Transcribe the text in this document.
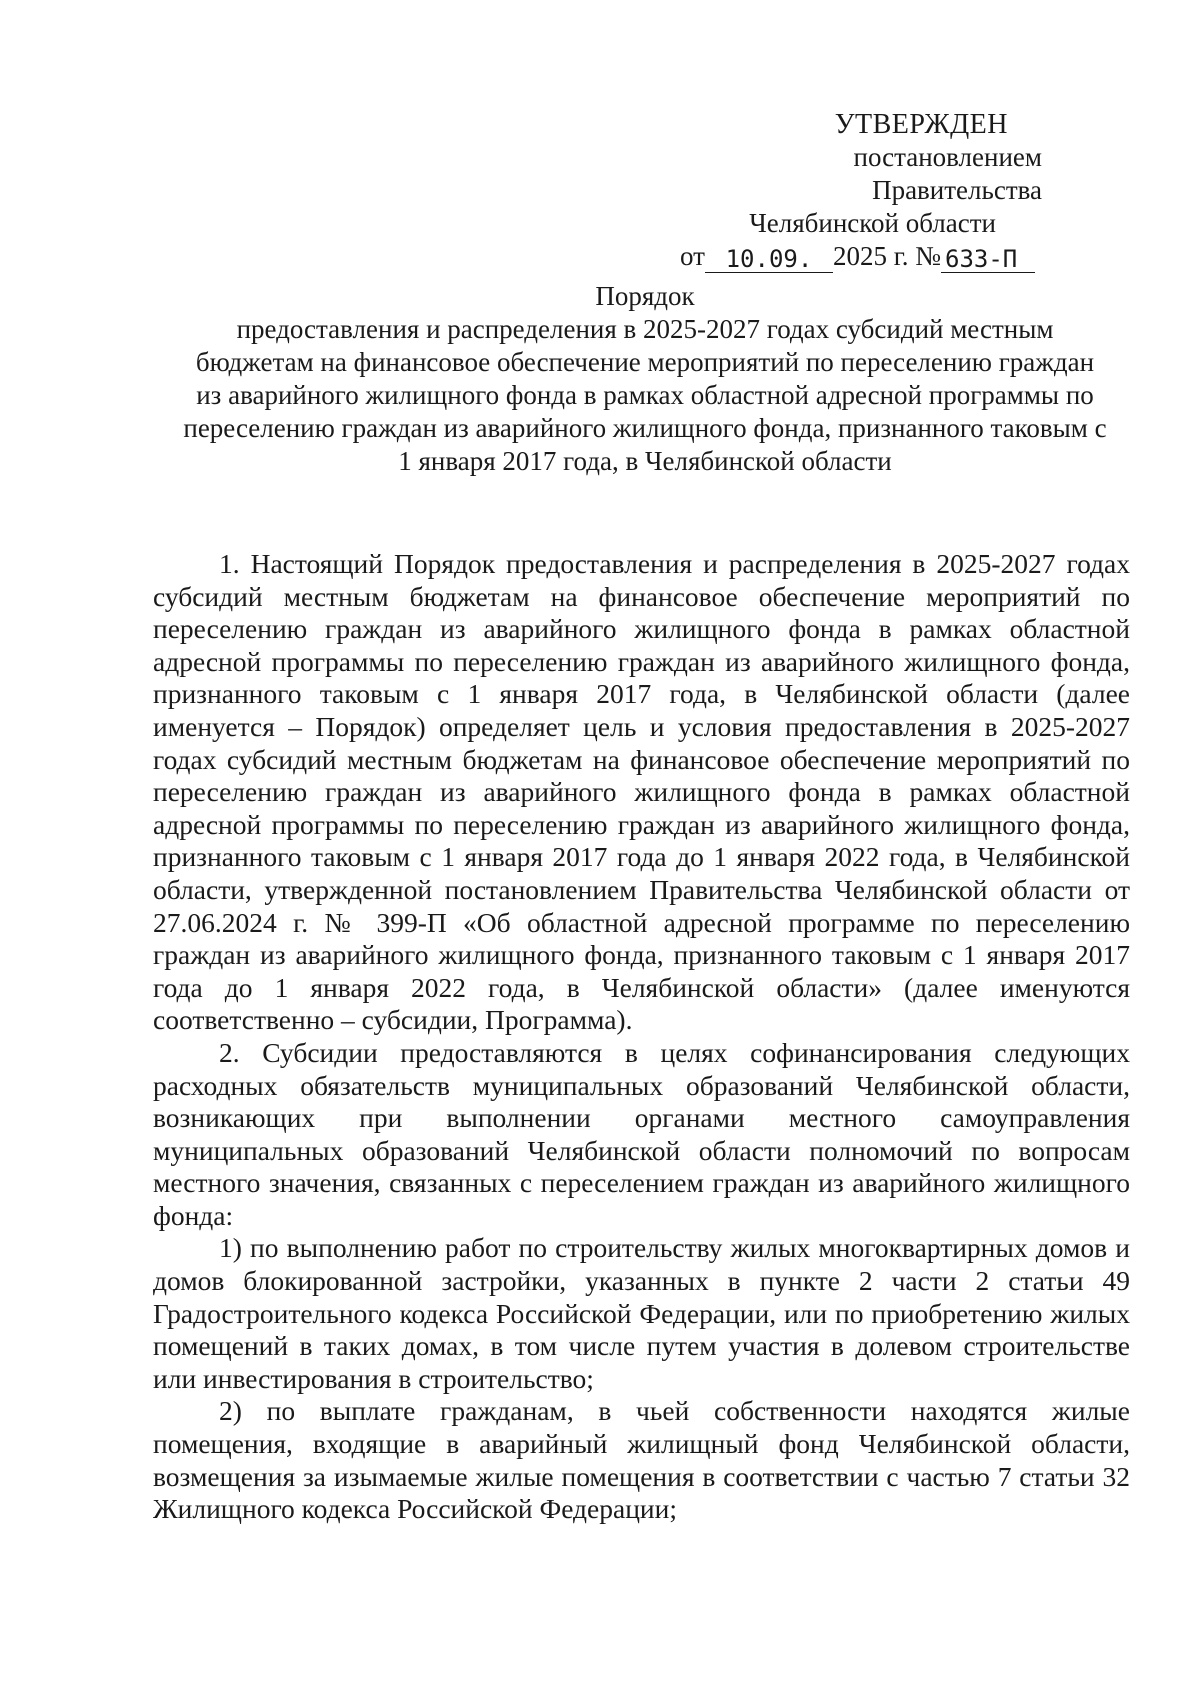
УТВЕРЖДЕН
постановлением Правительства
Челябинской области
от 10.09. 2025 г. № 633-П
Порядок
предоставления и распределения в 2025-2027 годах субсидий местным
бюджетам на финансовое обеспечение мероприятий по переселению граждан
из аварийного жилищного фонда в рамках областной адресной программы по
переселению граждан из аварийного жилищного фонда, признанного таковым с
1 января 2017 года, в Челябинской области

1. Настоящий Порядок предоставления и распределения в 2025-2027 годах субсидий местным бюджетам на финансовое обеспечение мероприятий по переселению граждан из аварийного жилищного фонда в рамках областной адресной программы по переселению граждан из аварийного жилищного фонда, признанного таковым с 1 января 2017 года, в Челябинской области (далее именуется – Порядок) определяет цель и условия предоставления в 2025-2027 годах субсидий местным бюджетам на финансовое обеспечение мероприятий по переселению граждан из аварийного жилищного фонда в рамках областной адресной программы по переселению граждан из аварийного жилищного фонда, признанного таковым с 1 января 2017 года до 1 января 2022 года, в Челябинской области, утвержденной постановлением Правительства Челябинской области от 27.06.2024 г. № 399-П «Об областной адресной программе по переселению граждан из аварийного жилищного фонда, признанного таковым с 1 января 2017 года до 1 января 2022 года, в Челябинской области» (далее именуются соответственно – субсидии, Программа).

2. Субсидии предоставляются в целях софинансирования следующих расходных обязательств муниципальных образований Челябинской области, возникающих при выполнении органами местного самоуправления муниципальных образований Челябинской области полномочий по вопросам местного значения, связанных с переселением граждан из аварийного жилищного фонда:

1) по выполнению работ по строительству жилых многоквартирных домов и домов блокированной застройки, указанных в пункте 2 части 2 статьи 49 Градостроительного кодекса Российской Федерации, или по приобретению жилых помещений в таких домах, в том числе путем участия в долевом строительстве или инвестирования в строительство;

2) по выплате гражданам, в чьей собственности находятся жилые помещения, входящие в аварийный жилищный фонд Челябинской области, возмещения за изымаемые жилые помещения в соответствии с частью 7 статьи 32 Жилищного кодекса Российской Федерации;
